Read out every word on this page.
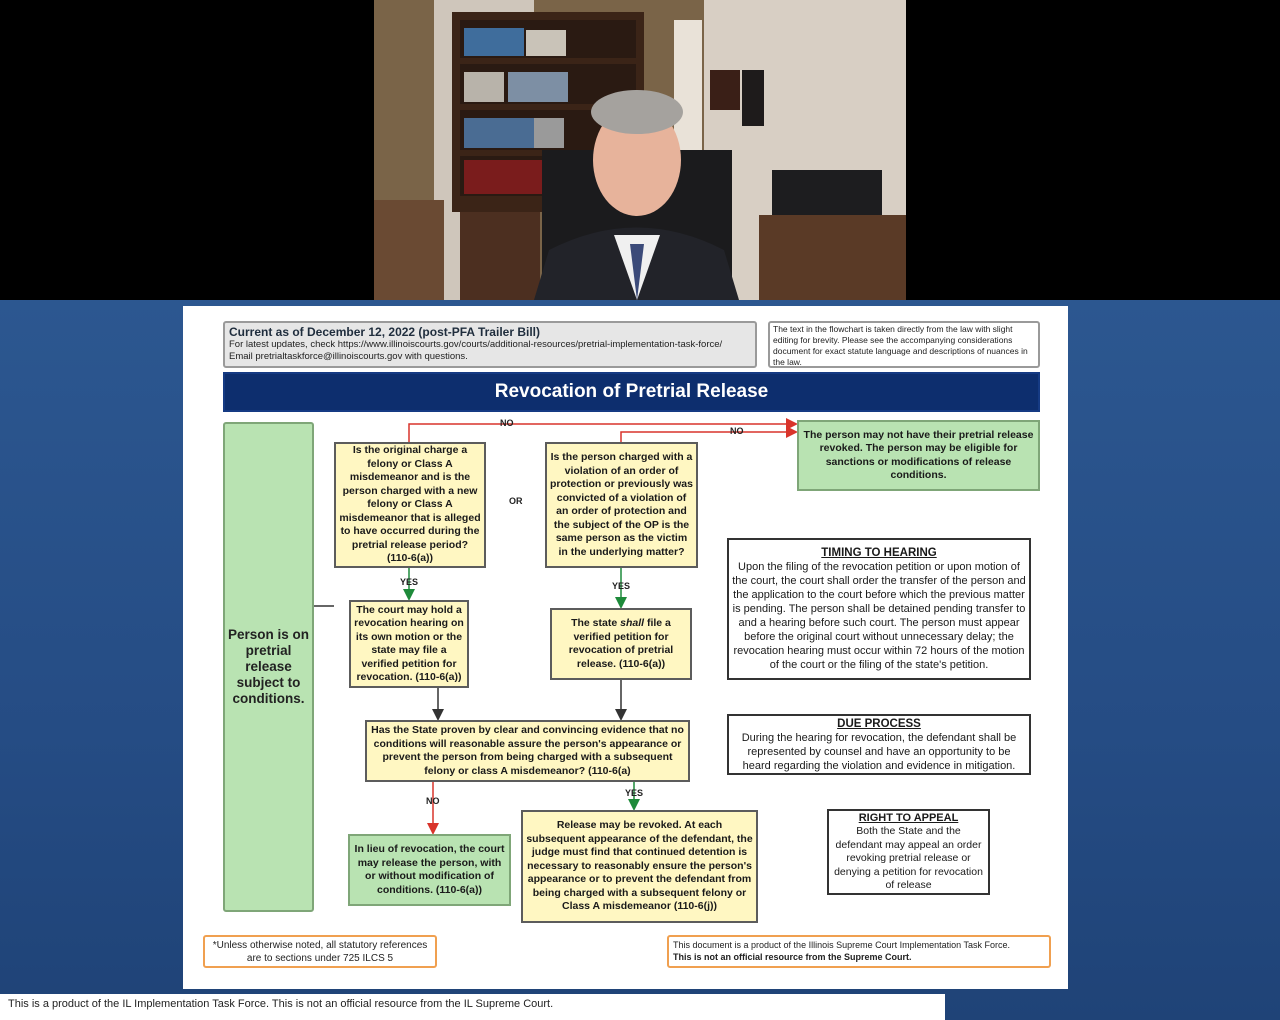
Current as of December 12, 2022 (post-PFA Trailer Bill)
For latest updates, check https://www.illinoiscourts.gov/courts/additional-resources/pretrial-implementation-task-force/
Email pretrialtaskforce@illinoiscourts.gov with questions.
The text in the flowchart is taken directly from the law with slight editing for brevity. Please see the accompanying considerations document for exact statute language and descriptions of nuances in the law.
Revocation of Pretrial Release
Person is on pretrial release subject to conditions.
Is the original charge a felony or Class A misdemeanor and is the person charged with a new felony or Class A misdemeanor that is alleged to have occurred during the pretrial release period? (110-6(a))
OR
Is the person charged with a violation of an order of protection or previously was convicted of a violation of an order of protection and the subject of the OP is the same person as the victim in the underlying matter?
NO
NO	The person may not have their pretrial release revoked. The person may be eligible for sanctions or modifications of release conditions.
YES	YES
The court may hold a revocation hearing on its own motion or the state may file a verified petition for revocation. (110-6(a))
The state shall file a verified petition for revocation of pretrial release. (110-6(a))
Has the State proven by clear and convincing evidence that no conditions will reasonable assure the person's appearance or prevent the person from being charged with a subsequent felony or class A misdemeanor? (110-6(a)
NO
YES
In lieu of revocation, the court may release the person, with or without modification of conditions. (110-6(a))
Release may be revoked. At each subsequent appearance of the defendant, the judge must find that continued detention is necessary to reasonably ensure the person's appearance or to prevent the defendant from being charged with a subsequent felony or Class A misdemeanor (110-6(j))
TIMING TO HEARING
Upon the filing of the revocation petition or upon motion of the court, the court shall order the transfer of the person and the application to the court before which the previous matter is pending. The person shall be detained pending transfer to and a hearing before such court. The person must appear before the original court without unnecessary delay; the revocation hearing must occur within 72 hours of the motion of the court or the filing of the state's petition.
DUE PROCESS
During the hearing for revocation, the defendant shall be represented by counsel and have an opportunity to be heard regarding the violation and evidence in mitigation.
RIGHT TO APPEAL
Both the State and the defendant may appeal an order revoking pretrial release or denying a petition for revocation of release
*Unless otherwise noted, all statutory references are to sections under 725 ILCS 5
This document is a product of the Illinois Supreme Court Implementation Task Force.
This is not an official resource from the Supreme Court.
This is a product of the IL Implementation Task Force. This is not an official resource from the IL Supreme Court.
